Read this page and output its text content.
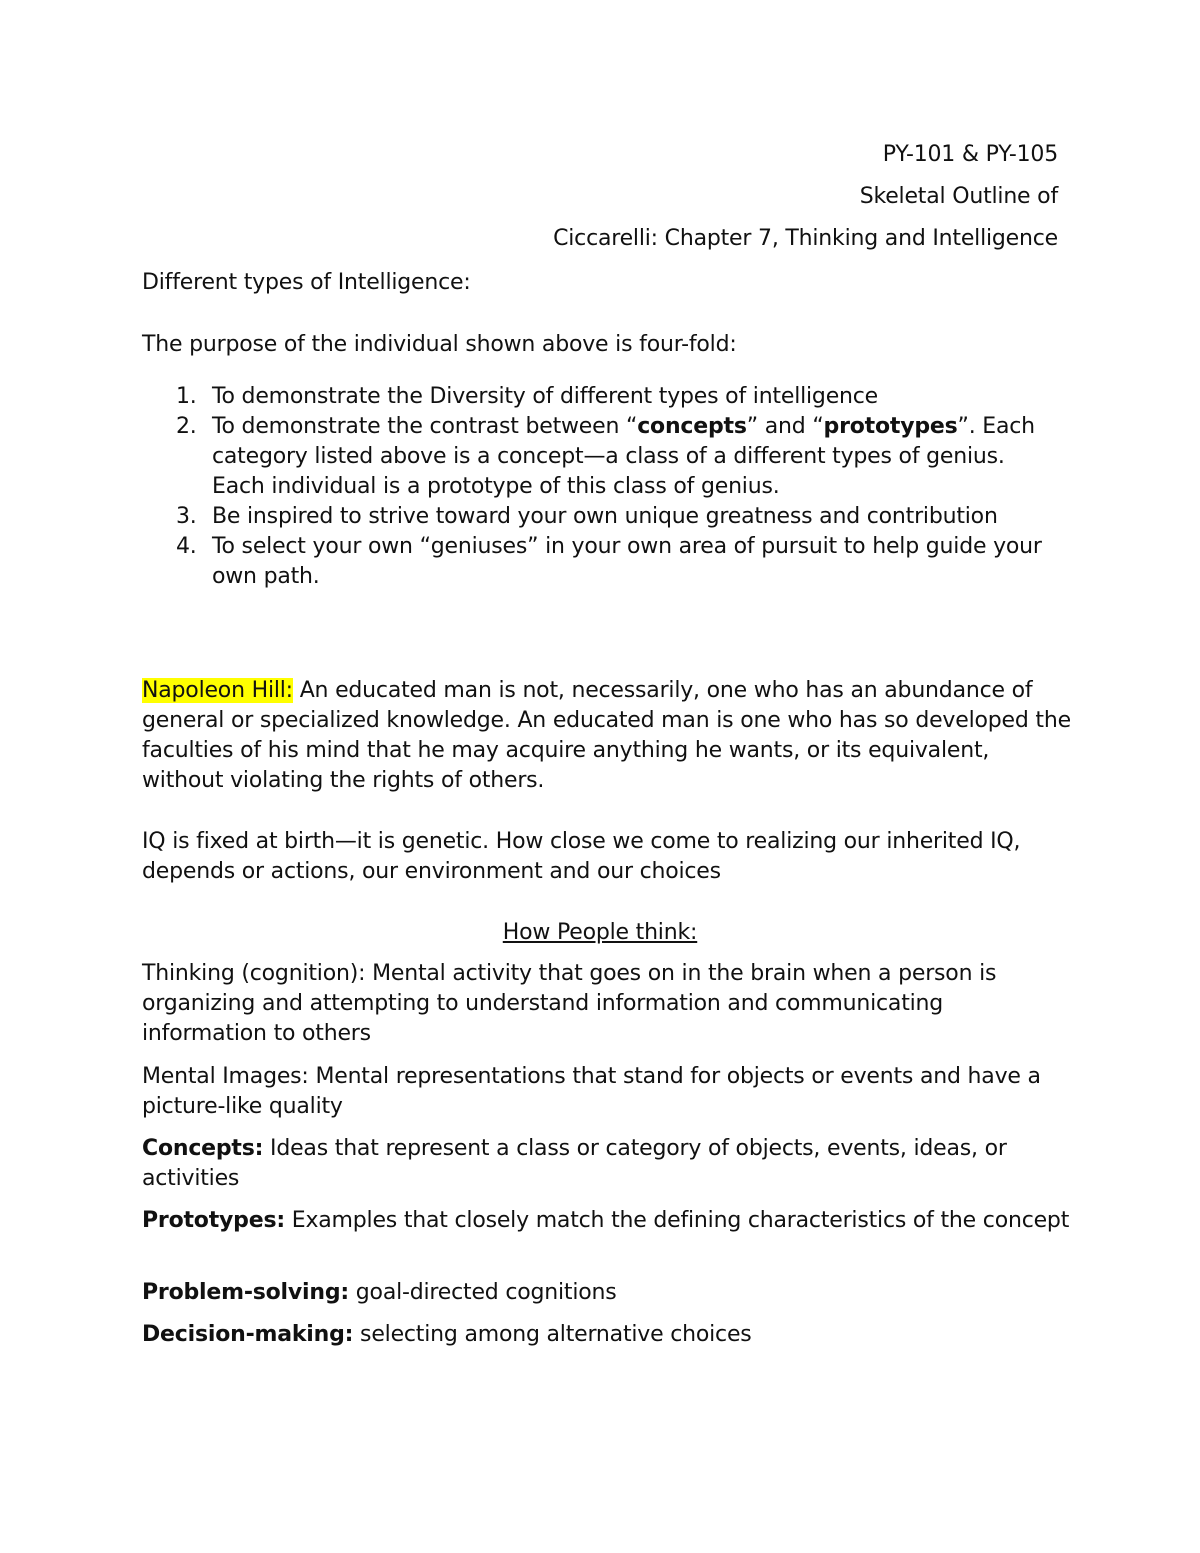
PY-101 & PY-105
Skeletal Outline of
Ciccarelli: Chapter 7, Thinking and Intelligence
Different types of Intelligence:
The purpose of the individual shown above is four-fold:
1. To demonstrate the Diversity of different types of intelligence
2. To demonstrate the contrast between “concepts” and “prototypes”. Each category listed above is a concept—a class of a different types of genius. Each individual is a prototype of this class of genius.
3. Be inspired to strive toward your own unique greatness and contribution
4. To select your own “geniuses” in your own area of pursuit to help guide your own path.
Napoleon Hill: An educated man is not, necessarily, one who has an abundance of general or specialized knowledge. An educated man is one who has so developed the faculties of his mind that he may acquire anything he wants, or its equivalent, without violating the rights of others.
IQ is fixed at birth—it is genetic. How close we come to realizing our inherited IQ, depends or actions, our environment and our choices
How People think:
Thinking (cognition): Mental activity that goes on in the brain when a person is organizing and attempting to understand information and communicating information to others
Mental Images: Mental representations that stand for objects or events and have a picture-like quality
Concepts: Ideas that represent a class or category of objects, events, ideas, or activities
Prototypes: Examples that closely match the defining characteristics of the concept
Problem-solving: goal-directed cognitions
Decision-making: selecting among alternative choices
